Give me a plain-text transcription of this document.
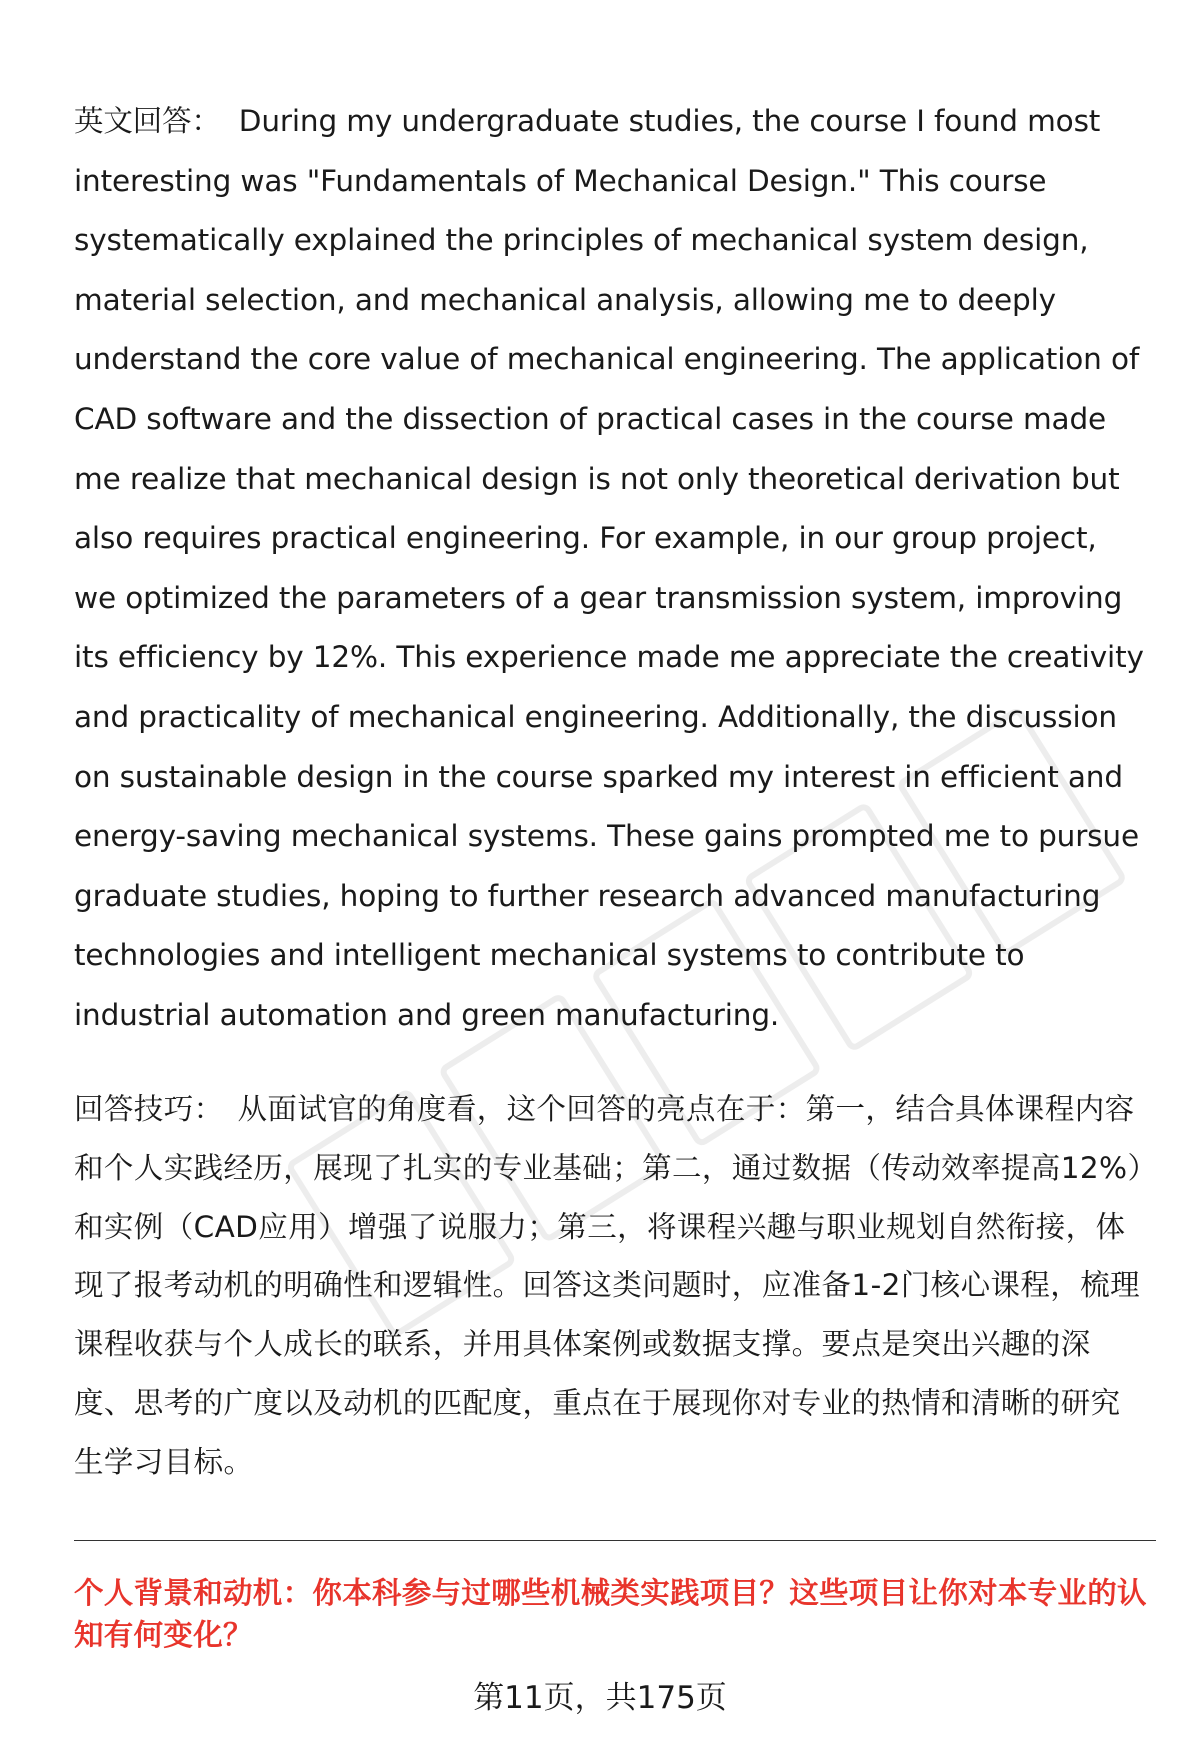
英文回答： During my undergraduate studies, the course I found most interesting was "Fundamentals of Mechanical Design." This course systematically explained the principles of mechanical system design, material selection, and mechanical analysis, allowing me to deeply understand the core value of mechanical engineering. The application of CAD software and the dissection of practical cases in the course made me realize that mechanical design is not only theoretical derivation but also requires practical engineering. For example, in our group project, we optimized the parameters of a gear transmission system, improving its efficiency by 12%. This experience made me appreciate the creativity and practicality of mechanical engineering. Additionally, the discussion on sustainable design in the course sparked my interest in efficient and energy-saving mechanical systems. These gains prompted me to pursue graduate studies, hoping to further research advanced manufacturing technologies and intelligent mechanical systems to contribute to industrial automation and green manufacturing.
回答技巧： 从面试官的角度看，这个回答的亮点在于：第一，结合具体课程内容和个人实践经历，展现了扎实的专业基础；第二，通过数据（传动效率提高12%）和实例（CAD应用）增强了说服力；第三，将课程兴趣与职业规划自然衔接，体现了报考动机的明确性和逻辑性。回答这类问题时，应准备1-2门核心课程，梳理课程收获与个人成长的联系，并用具体案例或数据支撑。要点是突出兴趣的深度、思考的广度以及动机的匹配度，重点在于展现你对专业的热情和清晰的研究生学习目标。
个人背景和动机：你本科参与过哪些机械类实践项目？这些项目让你对本专业的认知有何变化？
第11页，共175页
